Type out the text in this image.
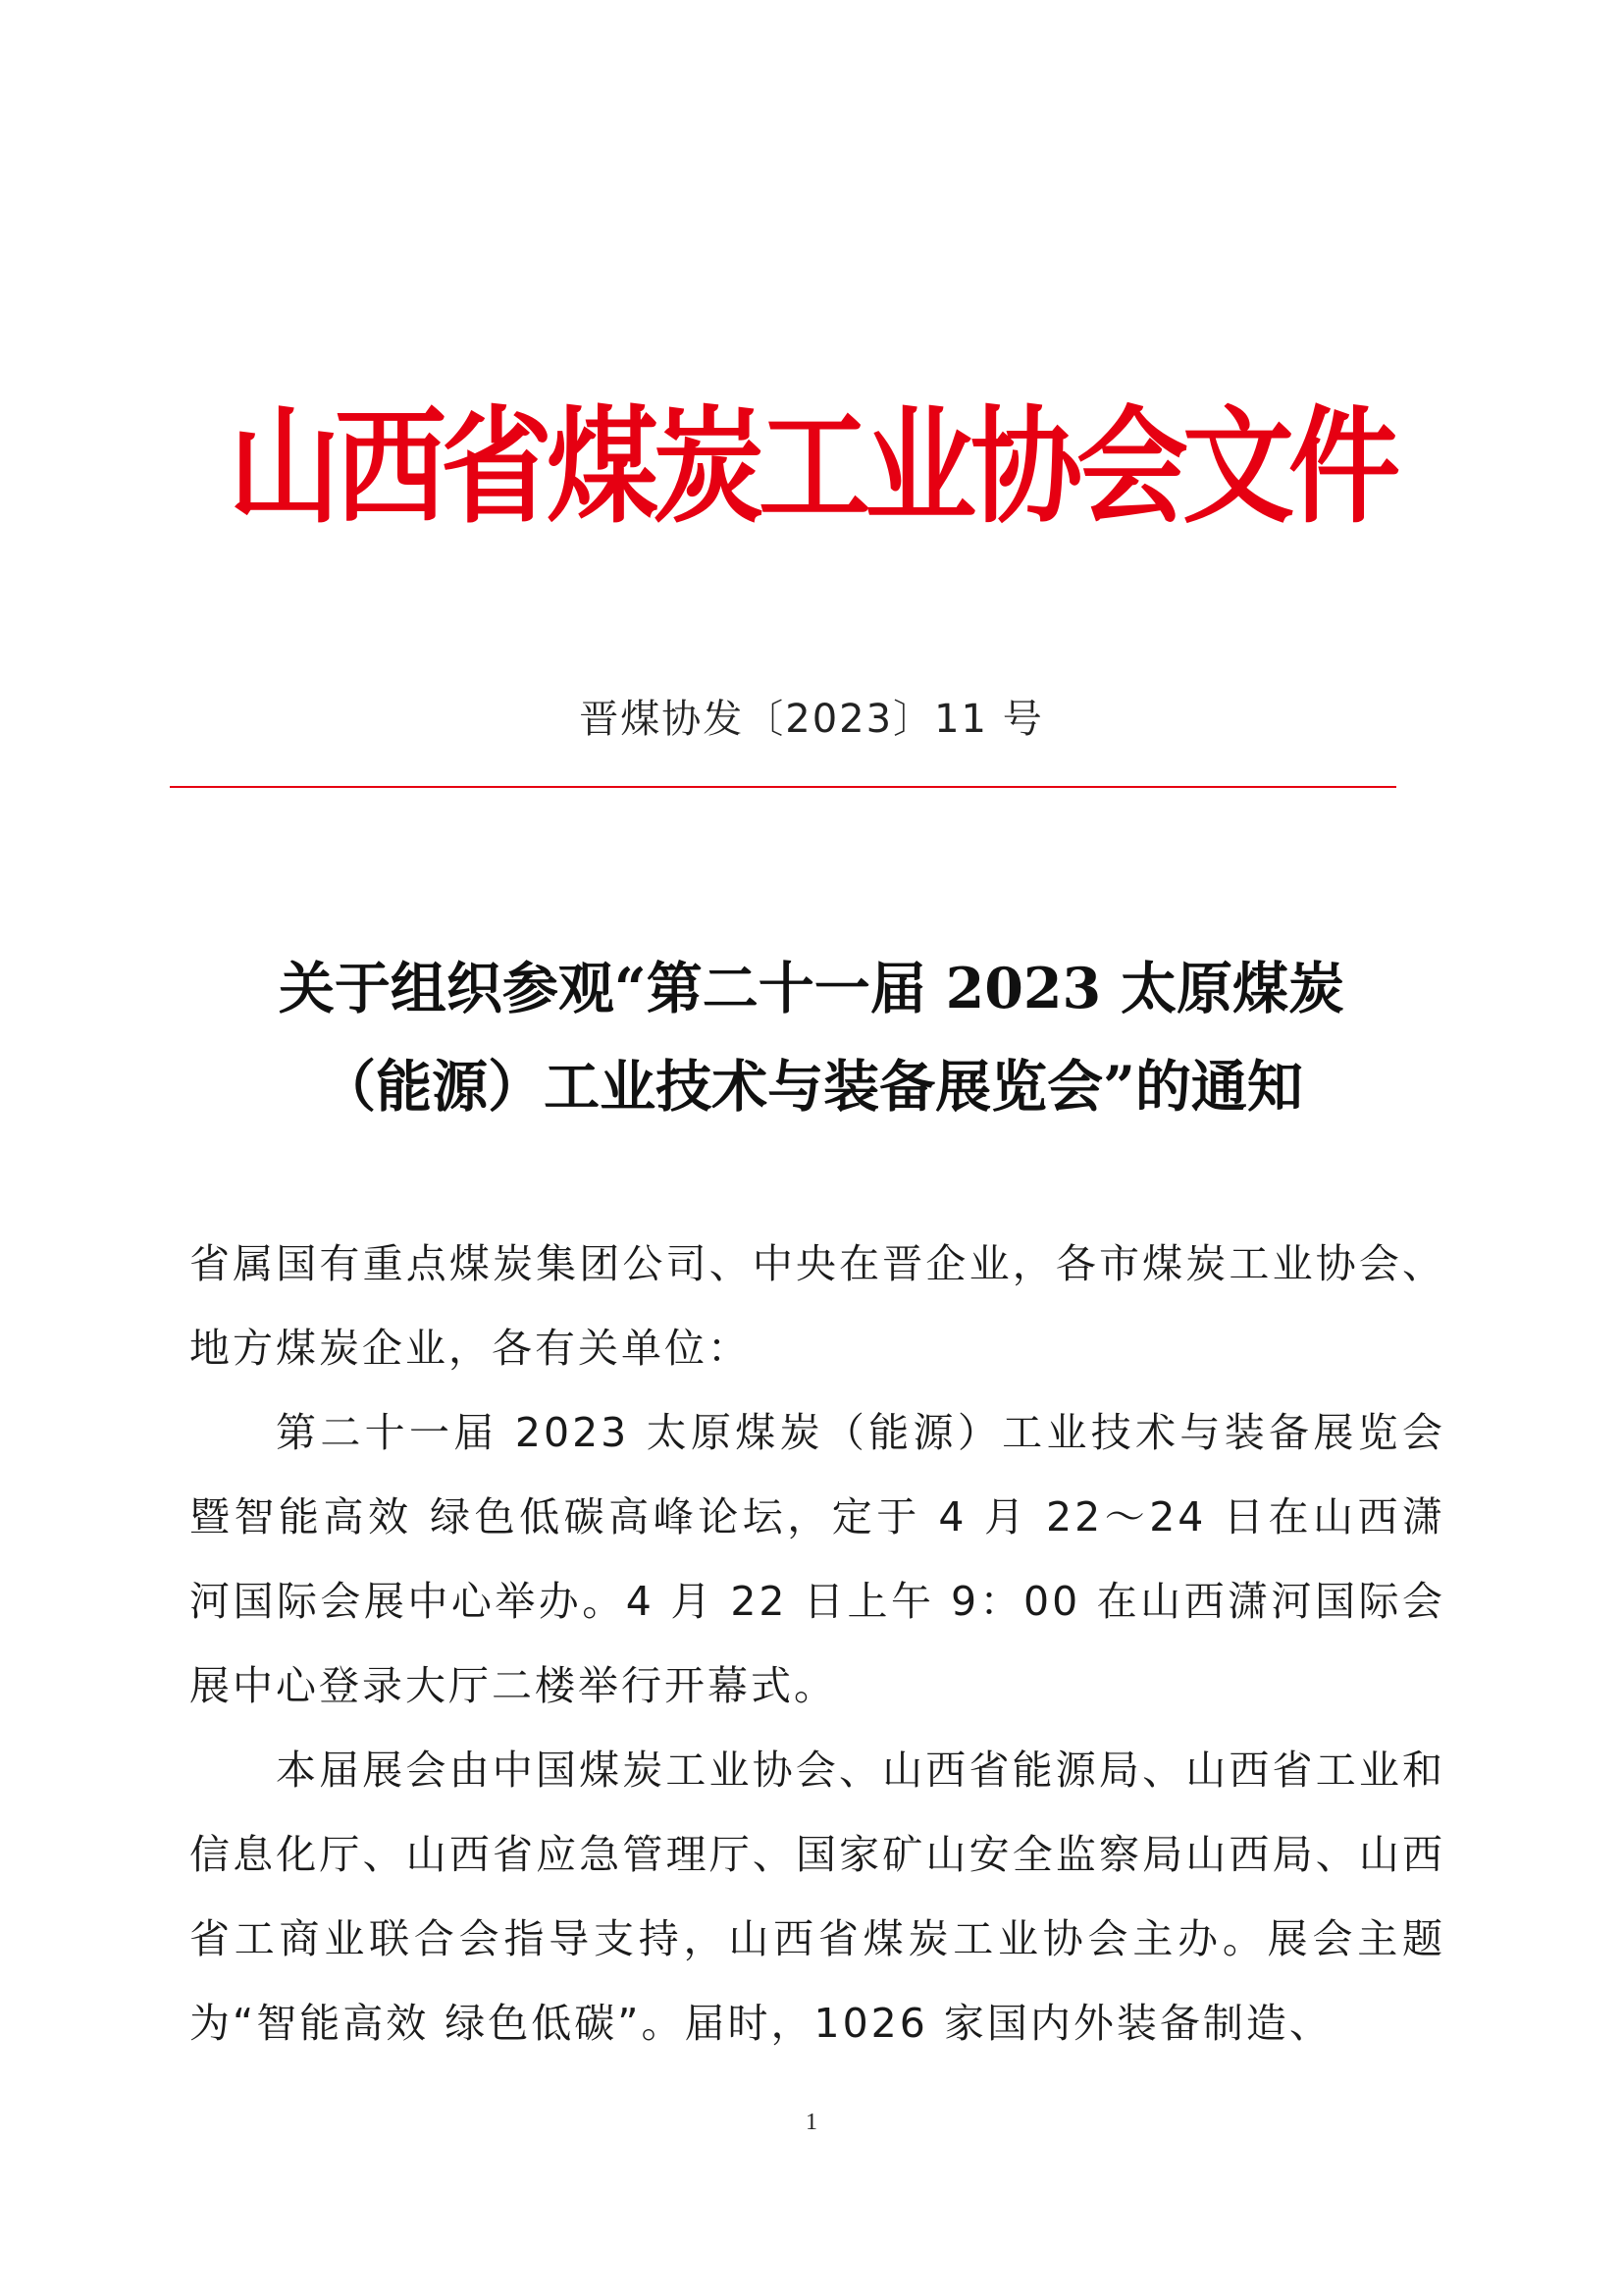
山西省煤炭工业协会文件
晋煤协发〔2023〕11 号
关于组织参观“第二十一届 2023 太原煤炭
（能源）工业技术与装备展览会”的通知

省属国有重点煤炭集团公司、中央在晋企业，各市煤炭工业协会、地方煤炭企业，各有关单位：

第二十一届 2023 太原煤炭（能源）工业技术与装备展览会暨智能高效 绿色低碳高峰论坛，定于 4 月 22～24 日在山西潇河国际会展中心举办。4 月 22 日上午 9：00 在山西潇河国际会展中心登录大厅二楼举行开幕式。

本届展会由中国煤炭工业协会、山西省能源局、山西省工业和信息化厅、山西省应急管理厅、国家矿山安全监察局山西局、山西省工商业联合会指导支持，山西省煤炭工业协会主办。展会主题为“智能高效 绿色低碳”。届时，1026 家国内外装备制造、

1
